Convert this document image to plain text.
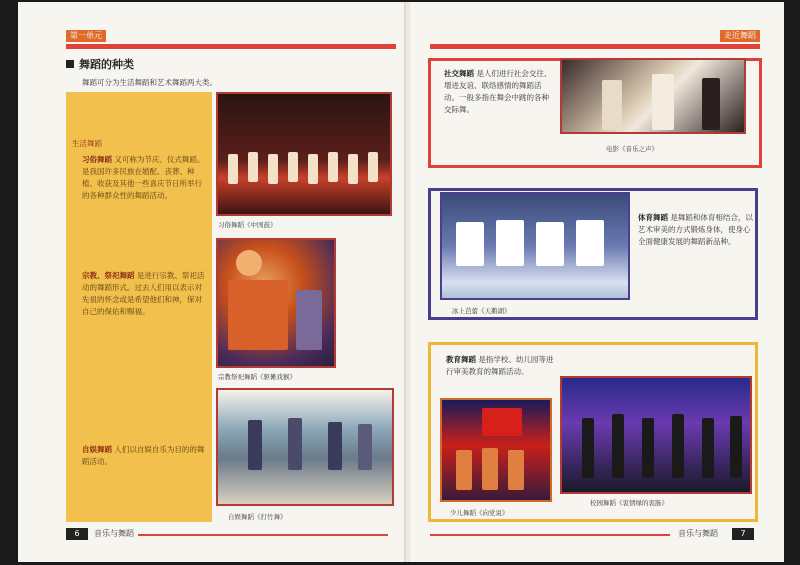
第一单元
舞蹈的种类
舞蹈可分为生活舞蹈和艺术舞蹈两大类。
生活舞蹈
习俗舞蹈 又可称为节庆、仪式舞蹈。是我国许多民族在婚配、丧葬、种植、收获及其他一些喜庆节日所举行的各种群众性的舞蹈活动。
宗教、祭祀舞蹈 是进行宗教、祭祀活动的舞蹈形式。过去人们用以表示对先祖的怀念或是希望他们和神，保对自己的保佑和赐福。
自娱舞蹈 人们以自娱自乐为目的的舞蹈活动。
习俗舞蹈《中国鼓》
宗教祭祀舞蹈《驱傩戏猴》
自娱舞蹈《打竹舞》
6	音乐与舞蹈
走近舞蹈
社交舞蹈 是人们进行社会交往、增进友谊、联络感情的舞蹈活动。一般多指在舞会中跳的各种交际舞。
电影《音乐之声》
冰上芭蕾《天鹅湖》
体育舞蹈 是舞蹈和体育相结合，以艺术审美的方式锻炼身体，使身心全面健康发展的舞蹈新品种。
教育舞蹈 是指学校、幼儿园等进行审美教育的舞蹈活动。
少儿舞蹈《向党说》
校园舞蹈《衷情绿的衷肠》
音乐与舞蹈	7
